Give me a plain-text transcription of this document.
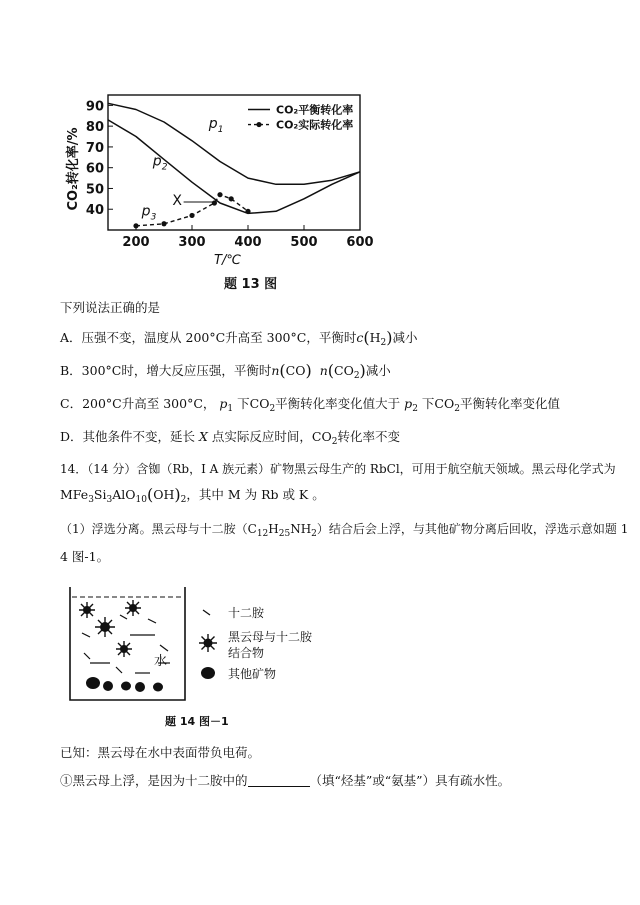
40
50
60
70
80
90
200 300 400 500 600
T/℃
CO₂转化率/%
p 1
p 2
p 3
X
CO₂平衡转化率
CO₂实际转化率
题 13 图
下列说法正确的是
A．压强不变，温度从 200°C升高至 300°C，平衡时$c(H_2)$减小
B．300°C时，增大反应压强，平衡时n(CO) $n(CO_2)$减小
C．200°C升高至 300°C， $p_1$ 下$CO_2$平衡转化率变化值大于 $p_2$ 下$CO_2$平衡转化率变化值
D．其他条件不变，延长 X 点实际反应时间，$CO_2$转化率不变
14．（14 分）含铷（Rb，Ⅰ A 族元素）矿物黑云母生产的 RbCl，可用于航空航天领域。黑云母化学式为
$MFe_3Si_3AlO_{10}(OH)_2$，其中 M 为 Rb 或 K 。
（1）浮选分离。黑云母与十二胺$(C_{12}H_{25}NH_2)$结合后会上浮，与其他矿物分离后回收，浮选示意如题 1
4 图-1。
水
十二胺
黑云母与十二胺
结合物
其他矿物
题 14 图－1
已知：黑云母在水中表面带负电荷。
①黑云母上浮，是因为十二胺中的	（填“烃基”或“氨基”）具有疏水性。
